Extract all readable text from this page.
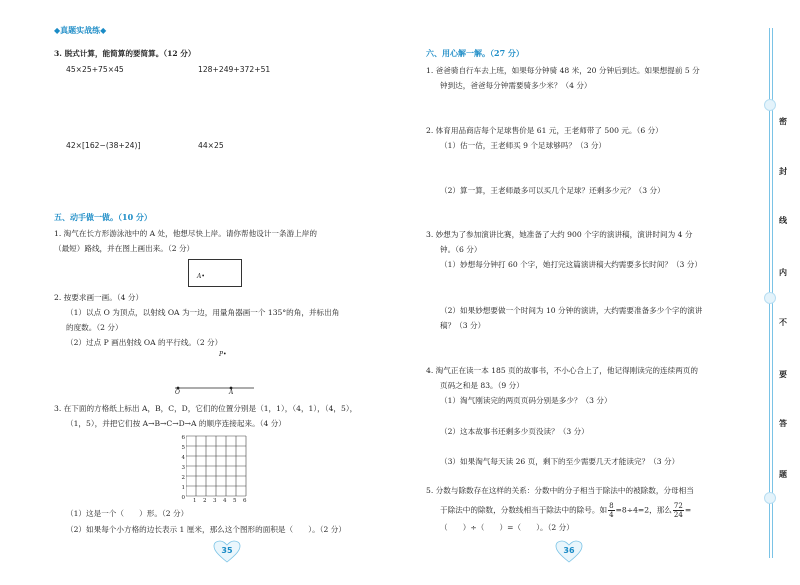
◆真题实战练◆
3. 脱式计算，能简算的要简算。（12 分）
45×25+75×45	128+249+372+51
42×[162−(38+24)]	44×25
五、动手做一做。（10 分）
1. 淘气在长方形游泳池中的 A 处，他想尽快上岸。请你帮他设计一条游上岸的
（最短）路线，并在图上画出来。（2 分）
A•
2. 按要求画一画。（4 分）
（1）以点 O 为顶点，以射线 OA 为一边，用量角器画一个 135°的角，并标出角
的度数。（2 分）
（2）过点 P 画出射线 OA 的平行线。（2 分）
P•
O	A
3. 在下面的方格纸上标出 A，B，C，D，它们的位置分别是（1，1），（4，1），（4，5），
（1，5），并把它们按 A→B→C→D→A 的顺序连接起来。（4 分）
6
5
4
3
2
1
0 1	2	3	4	5	6
（1）这是一个（　　）形。（2 分）
（2）如果每个小方格的边长表示 1 厘米，那么这个图形的面积是（　　）。（2 分）
35
六、用心解一解。（27 分）
1. 爸爸骑自行车去上班，如果每分钟骑 48 米，20 分钟后到达。如果想提前 5 分
钟到达，爸爸每分钟需要骑多少米？（4 分）
2. 体育用品商店每个足球售价是 61 元，王老师带了 500 元。（6 分）
（1）估一估，王老师买 9 个足球够吗？（3 分）
（2）算一算，王老师最多可以买几个足球？还剩多少元？（3 分）
3. 妙想为了参加演讲比赛，她准备了大约 900 个字的演讲稿，演讲时间为 4 分
钟。（6 分）
（1）妙想每分钟打 60 个字，她打完这篇演讲稿大约需要多长时间？（3 分）
（2）如果妙想要做一个时间为 10 分钟的演讲，大约需要准备多少个字的演讲
稿？（3 分）
4. 淘气正在读一本 185 页的故事书，不小心合上了，他记得刚读完的连续两页的
页码之和是 83。（9 分）
（1）淘气刚读完的两页页码分别是多少？（3 分）
（2）这本故事书还剩多少页没读？（3 分）
（3）如果淘气每天读 26 页，剩下的至少需要几天才能读完？（3 分）
5. 分数与除数存在这样的关系：分数中的分子相当于除法中的被除数，分母相当
于除法中的除数，分数线相当于除法中的除号。如 $\frac{8}{4} =8\div 4=2$，那么 $\frac{72}{24}$ =
（　　）÷（　　）=（　　）。（2 分）
36
密
封
线
内
不
要
答
题
